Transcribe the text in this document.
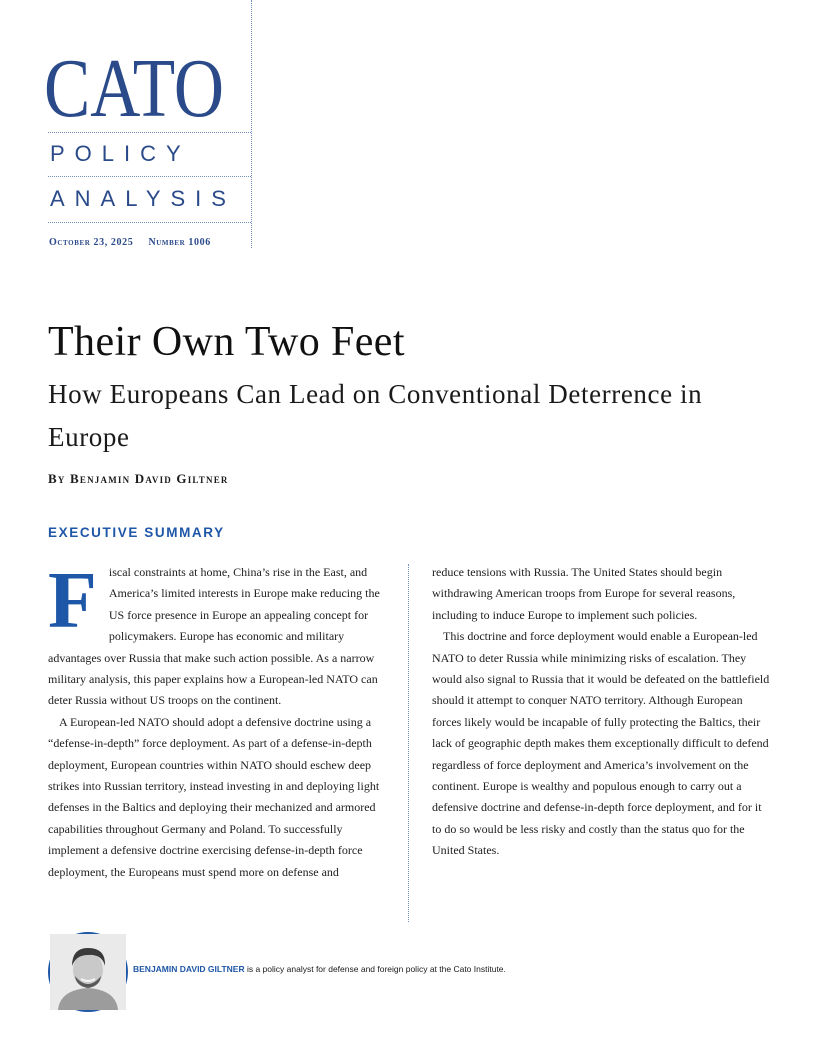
CATO
POLICY
ANALYSIS
October 23, 2025 Number 1006
Their Own Two Feet
How Europeans Can Lead on Conventional Deterrence in Europe
By Benjamin David Giltner
EXECUTIVE SUMMARY

F iscal constraints at home, China’s rise in the East, and America’s limited interests in Europe make reducing the US force presence in Europe an appealing concept for policymakers. Europe has economic and military advantages over Russia that make such action possible. As a narrow military analysis, this paper explains how a European-led NATO can deter Russia without US troops on the continent.

A European-led NATO should adopt a defensive doctrine using a “defense-in-depth” force deployment. As part of a defense-in-depth deployment, European countries within NATO should eschew deep strikes into Russian territory, instead investing in and deploying light defenses in the Baltics and deploying their mechanized and armored capabilities throughout Germany and Poland. To successfully implement a defensive doctrine exercising defense-in-depth force deployment, the Europeans must spend more on defense and

reduce tensions with Russia. The United States should begin withdrawing American troops from Europe for several reasons, including to induce Europe to implement such policies.

This doctrine and force deployment would enable a European-led NATO to deter Russia while minimizing risks of escalation. They would also signal to Russia that it would be defeated on the battlefield should it attempt to conquer NATO territory. Although European forces likely would be incapable of fully protecting the Baltics, their lack of geographic depth makes them exceptionally difficult to defend regardless of force deployment and America’s involvement on the continent. Europe is wealthy and populous enough to carry out a defensive doctrine and defense-in-depth force deployment, and for it to do so would be less risky and costly than the status quo for the United States.

BENJAMIN DAVID GILTNER is a policy analyst for defense and foreign policy at the Cato Institute.
